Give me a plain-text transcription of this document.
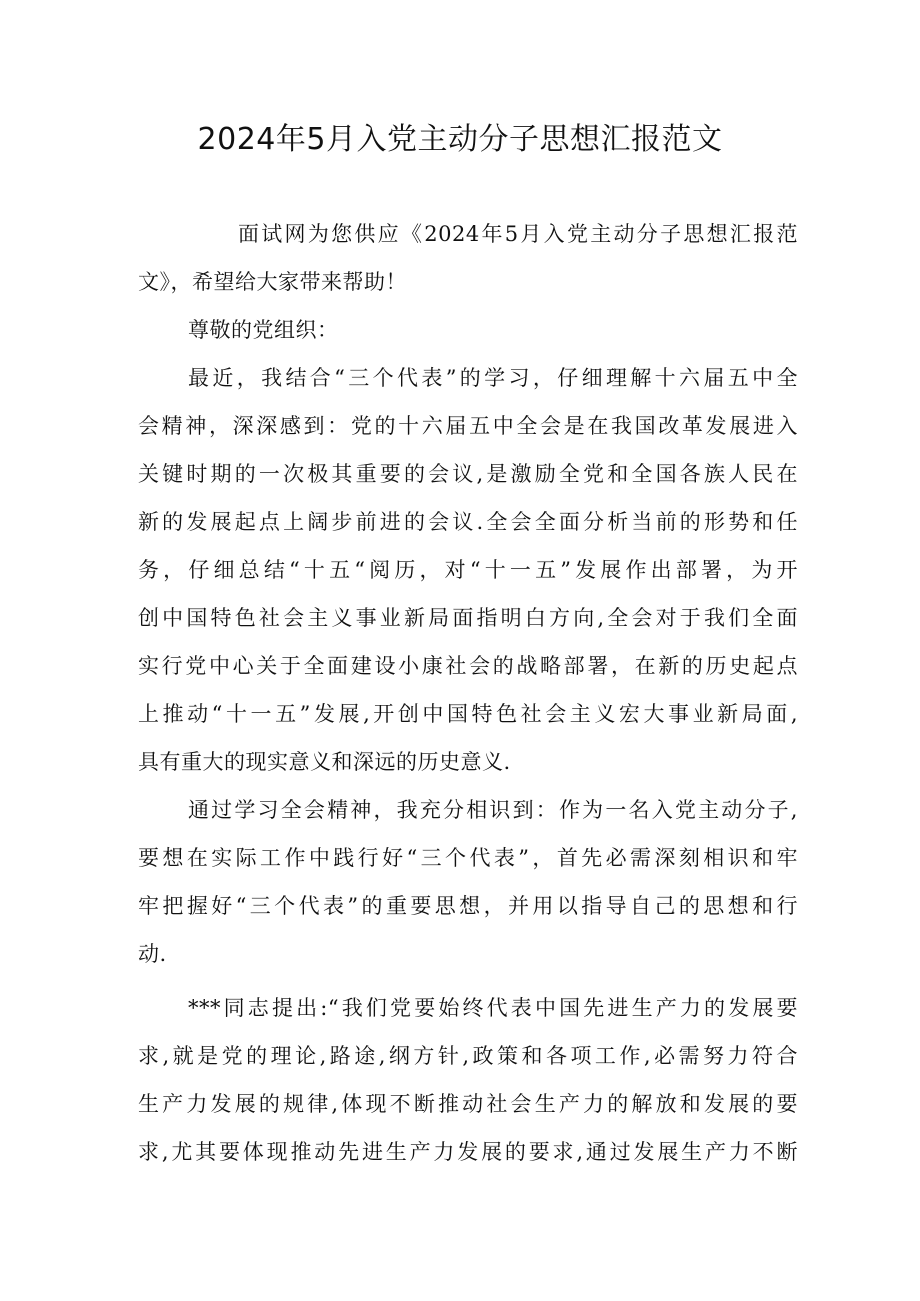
2024年5月入党主动分子思想汇报范文
面试网为您供应《2024年5月入党主动分子思想汇报范
文》，希望给大家带来帮助！
尊敬的党组织：
最近，我结合“三个代表”的学习，仔细理解十六届五中全
会精神，深深感到：党的十六届五中全会是在我国改革发展进入
关键时期的一次极其重要的会议,是激励全党和全国各族人民在
新的发展起点上阔步前进的会议.全会全面分析当前的形势和任
务，仔细总结“十五“阅历，对“十一五”发展作出部署，为开
创中国特色社会主义事业新局面指明白方向,全会对于我们全面
实行党中心关于全面建设小康社会的战略部署，在新的历史起点
上推动“十一五”发展,开创中国特色社会主义宏大事业新局面,
具有重大的现实意义和深远的历史意义.
通过学习全会精神，我充分相识到：作为一名入党主动分子,
要想在实际工作中践行好“三个代表”，首先必需深刻相识和牢
牢把握好“三个代表”的重要思想，并用以指导自己的思想和行
动.
***同志提出:“我们党要始终代表中国先进生产力的发展要
求,就是党的理论,路途,纲方针,政策和各项工作,必需努力符合
生产力发展的规律,体现不断推动社会生产力的解放和发展的要
求,尤其要体现推动先进生产力发展的要求,通过发展生产力不断
